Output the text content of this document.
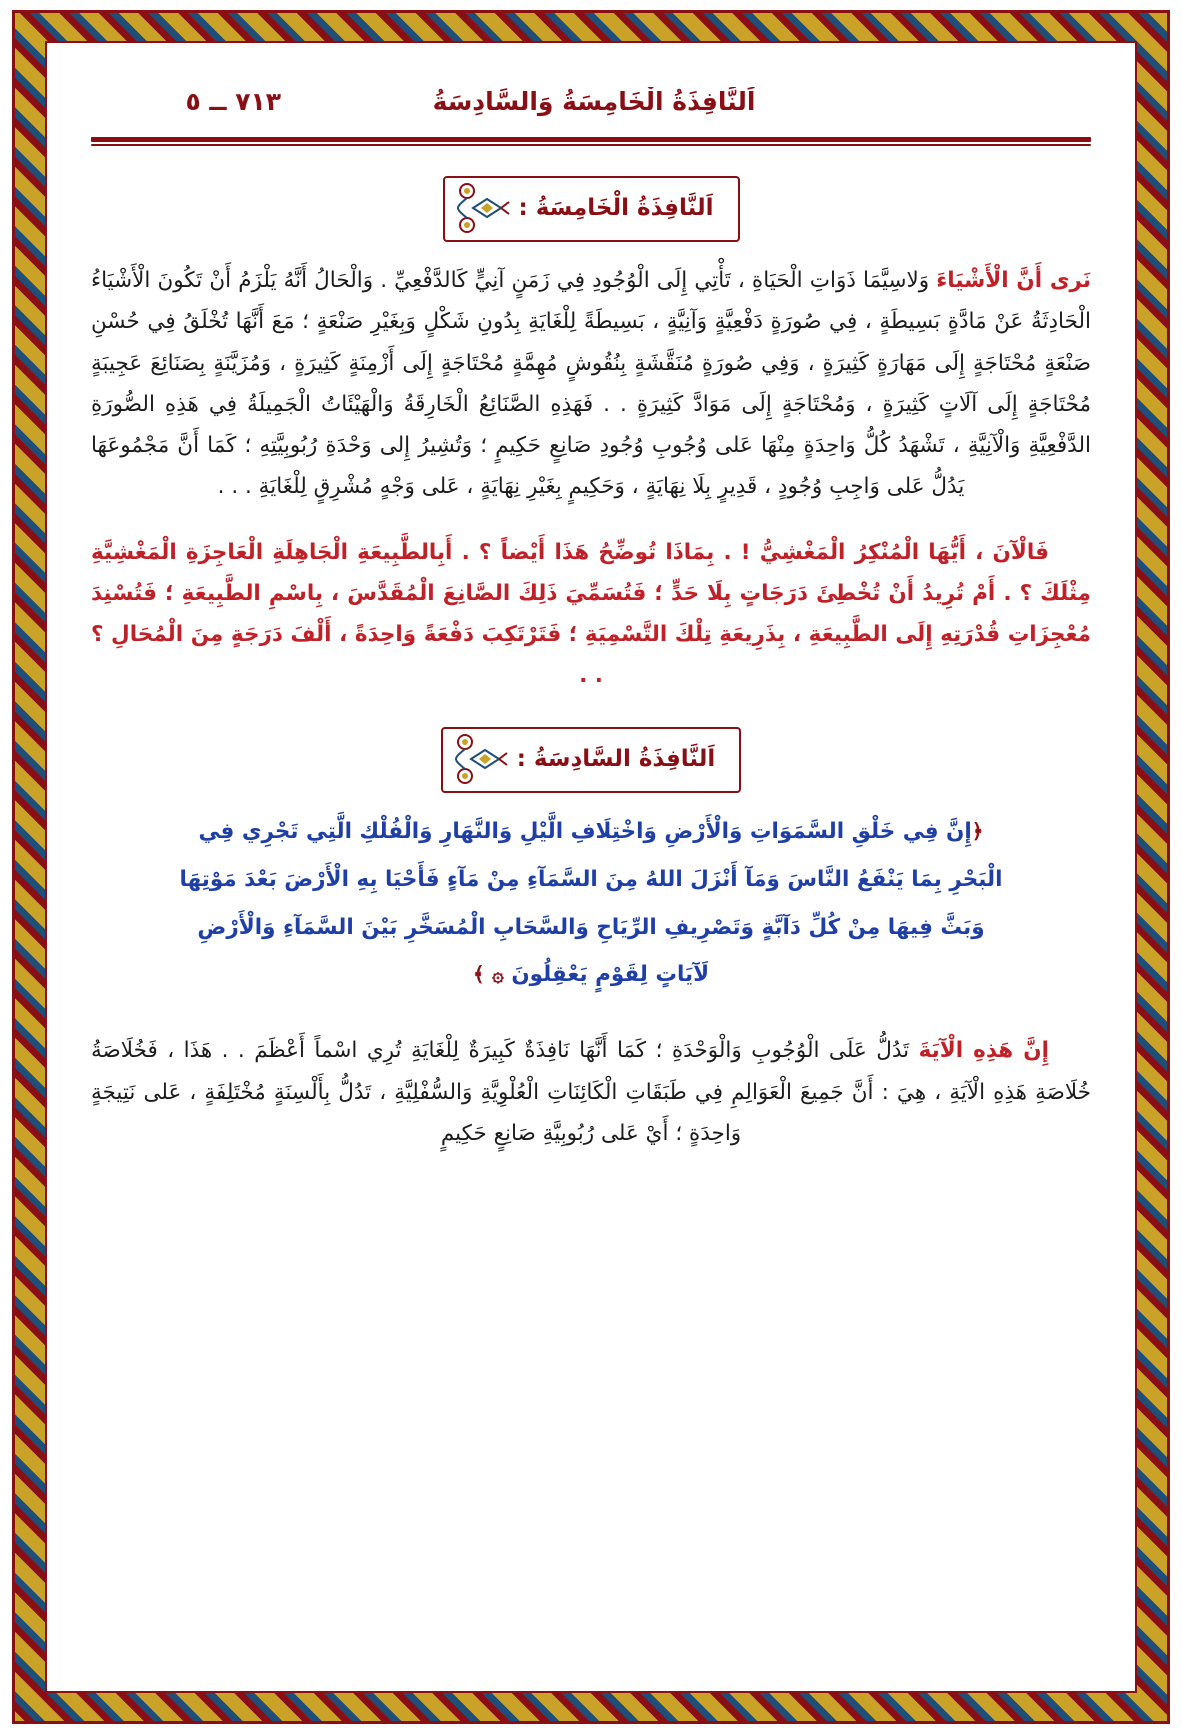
٧١٣ ــ ٥	اَلنَّافِذَةُ الْخَامِسَةُ وَالسَّادِسَةُ
اَلنَّافِذَةُ الْخَامِسَةُ :

نَرى أَنَّ الْأَشْيَاءَ وَلاسِيَّمَا ذَوَاتِ الْحَيَاةِ ، تَأْتِي إِلَى الْوُجُودِ فِي زَمَنٍ آنِيٍّ كَالدَّفْعِيِّ . وَالْحَالُ أَنَّهُ يَلْزَمُ أَنْ تَكُونَ الْأَشْيَاءُ الْحَادِثَةُ عَنْ مَادَّةٍ بَسِيطَةٍ ، فِي صُورَةٍ دَفْعِيَّةٍ وَآنِيَّةٍ ، بَسِيطَةً لِلْغَايَةِ بِدُونِ شَكْلٍ وَبِغَيْرِ صَنْعَةٍ ؛ مَعَ أَنَّهَا تُخْلَقُ فِي حُسْنِ صَنْعَةٍ مُحْتَاجَةٍ إِلَى مَهَارَةٍ كَثِيرَةٍ ، وَفِي صُورَةٍ مُنَقَّشَةٍ بِنُقُوشٍ مُهِمَّةٍ مُحْتَاجَةٍ إِلَى أَزْمِنَةٍ كَثِيرَةٍ ، وَمُزَيَّنَةٍ بِصَنَائِعَ عَجِيبَةٍ مُحْتَاجَةٍ إِلَى آلَاتٍ كَثِيرَةٍ ، وَمُحْتَاجَةٍ إِلَى مَوَادَّ كَثِيرَةٍ . . فَهَذِهِ الصَّنَائِعُ الْخَارِقَةُ وَالْهَيْئَاتُ الْجَمِيلَةُ فِي هَذِهِ الصُّورَةِ الدَّفْعِيَّةِ وَالْآنِيَّةِ ، تَشْهَدُ كُلُّ وَاحِدَةٍ مِنْهَا عَلى وُجُوبِ وُجُودِ صَانِعٍ حَكِيمٍ ؛ وَتُشِيرُ إِلى وَحْدَةِ رُبُوبِيَّتِهِ ؛ كَمَا أَنَّ مَجْمُوعَهَا يَدُلُّ عَلى وَاجِبِ وُجُودٍ ، قَدِيرٍ بِلَا نِهَايَةٍ ، وَحَكِيمٍ بِغَيْرِ نِهَايَةٍ ، عَلى وَجْهٍ مُشْرِقٍ لِلْغَايَةِ . . .

فَالْآنَ ، أَيُّهَا الْمُنْكِرُ الْمَغْشِيُّ ! . بِمَاذَا تُوضِّحُ هَذَا أَيْضاً ؟ . أَبِالطَّبِيعَةِ الْجَاهِلَةِ الْعَاجِزَةِ الْمَغْشِيَّةِ مِثْلَكَ ؟ . أَمْ تُرِيدُ أَنْ تُخْطِئَ دَرَجَاتٍ بِلَا حَدٍّ ؛ فَتُسَمِّيَ ذَلِكَ الصَّانِعَ الْمُقَدَّسَ ، بِاسْمِ الطَّبِيعَةِ ؛ فَتُسْنِدَ مُعْجِزَاتِ قُدْرَتِهِ إِلَى الطَّبِيعَةِ ، بِذَرِيعَةِ تِلْكَ التَّسْمِيَةِ ؛ فَتَرْتَكِبَ دَفْعَةً وَاحِدَةً ، أَلْفَ دَرَجَةٍ مِنَ الْمُحَالِ ؟ . .

اَلنَّافِذَةُ السَّادِسَةُ :

﴿إِنَّ فِي خَلْقِ السَّمَوَاتِ وَالْأَرْضِ وَاخْتِلَافِ الَّيْلِ وَالنَّهَارِ وَالْفُلْكِ الَّتِي تَجْرِي فِي

الْبَحْرِ بِمَا يَنْفَعُ النَّاسَ وَمَآ أَنْزَلَ اللهُ مِنَ السَّمَآءِ مِنْ مَآءٍ فَأَحْيَا بِهِ الْأَرْضَ بَعْدَ مَوْتِهَا

وَبَثَّ فِيهَا مِنْ كُلِّ دَآبَّةٍ وَتَصْرِيفِ الرِّيَاحِ وَالسَّحَابِ الْمُسَخَّرِ بَيْنَ السَّمَآءِ وَالْأَرْضِ

لَآيَاتٍ لِقَوْمٍ يَعْقِلُونَ ۞ ﴾

إِنَّ هَذِهِ الْآيَةَ تَدُلُّ عَلَى الْوُجُوبِ وَالْوَحْدَةِ ؛ كَمَا أَنَّهَا نَافِذَةٌ كَبِيرَةٌ لِلْغَايَةِ تُرِي اسْماً أَعْظَمَ . . هَذَا ، فَخُلَاصَةُ خُلَاصَةِ هَذِهِ الْآيَةِ ، هِيَ : أَنَّ جَمِيعَ الْعَوَالِمِ فِي طَبَقَاتِ الْكَائِنَاتِ الْعُلْوِيَّةِ وَالسُّفْلِيَّةِ ، تَدُلُّ بِأَلْسِنَةٍ مُخْتَلِفَةٍ ، عَلى نَتِيجَةٍ وَاحِدَةٍ ؛ أَيْ عَلى رُبُوبِيَّةِ صَانِعٍ حَكِيمٍ
